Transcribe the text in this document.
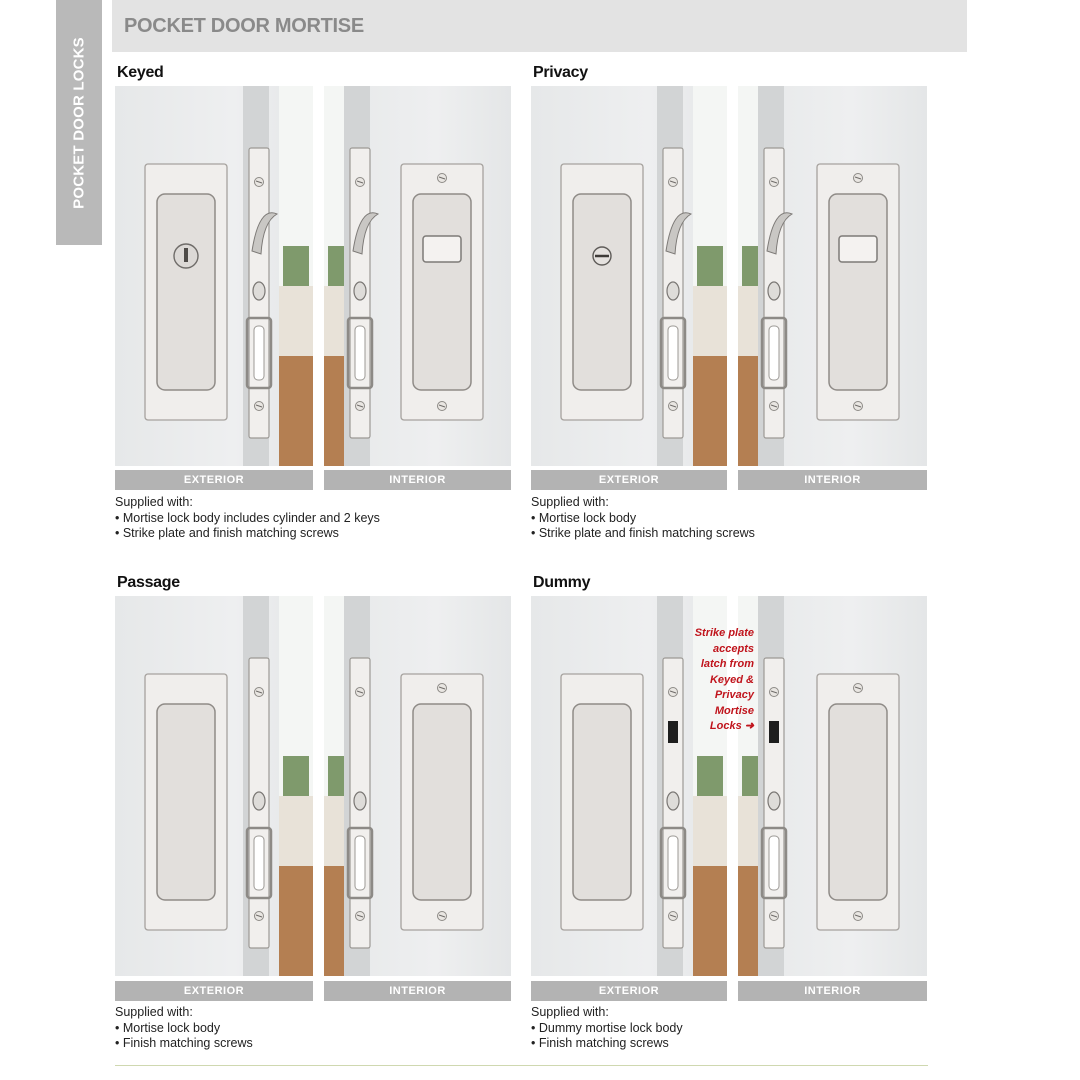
POCKET DOOR LOCKS
POCKET DOOR MORTISE
Keyed
EXTERIOR	INTERIOR
Supplied with:
• Mortise lock body includes cylinder and 2 keys
• Strike plate and finish matching screws
Privacy
EXTERIOR	INTERIOR
Supplied with:
• Mortise lock body
• Strike plate and finish matching screws
Passage
EXTERIOR	INTERIOR
Supplied with:
• Mortise lock body
• Finish matching screws
Dummy
EXTERIOR	INTERIOR
Supplied with:
• Dummy mortise lock body
• Finish matching screws
Strike plate
accepts
latch from
Keyed &
Privacy
Mortise
Locks ➜
